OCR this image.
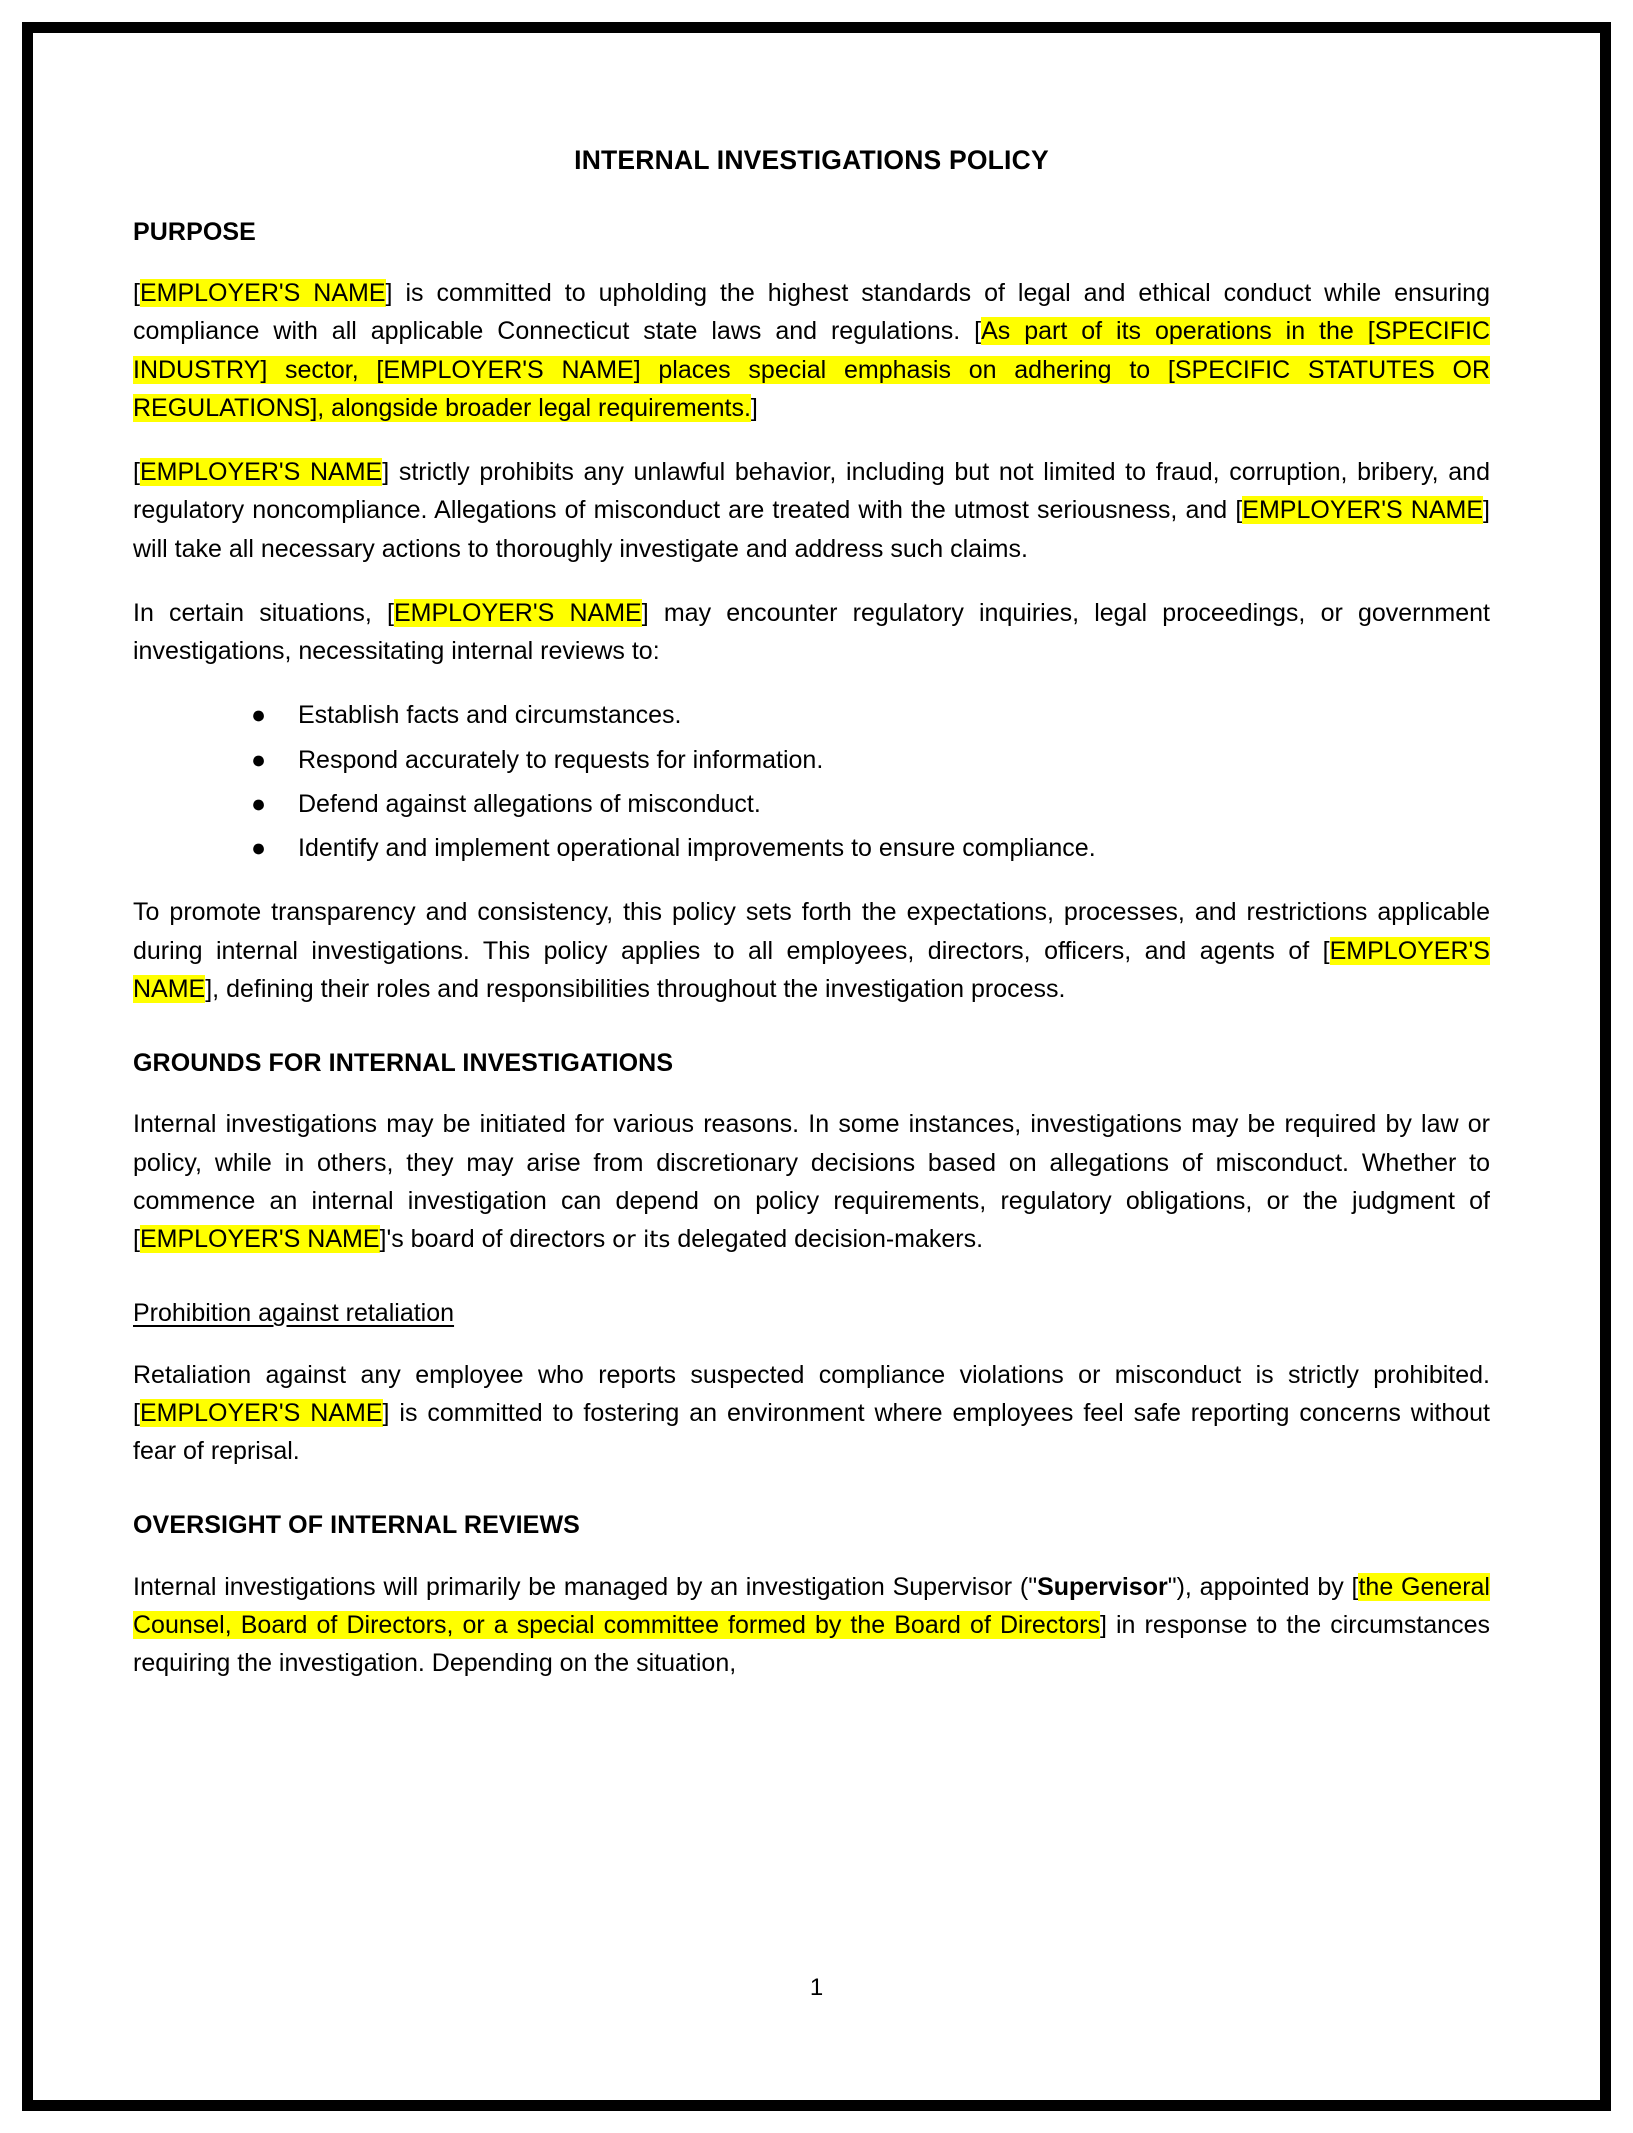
INTERNAL INVESTIGATIONS POLICY
PURPOSE

[EMPLOYER'S NAME] is committed to upholding the highest standards of legal and ethical conduct while ensuring compliance with all applicable Connecticut state laws and regulations. [As part of its operations in the [SPECIFIC INDUSTRY] sector, [EMPLOYER'S NAME] places special emphasis on adhering to [SPECIFIC STATUTES OR REGULATIONS], alongside broader legal requirements.]

[EMPLOYER'S NAME] strictly prohibits any unlawful behavior, including but not limited to fraud, corruption, bribery, and regulatory noncompliance. Allegations of misconduct are treated with the utmost seriousness, and [EMPLOYER'S NAME] will take all necessary actions to thoroughly investigate and address such claims.

In certain situations, [EMPLOYER'S NAME] may encounter regulatory inquiries, legal proceedings, or government investigations, necessitating internal reviews to:

● Establish facts and circumstances.
● Respond accurately to requests for information.
● Defend against allegations of misconduct.
● Identify and implement operational improvements to ensure compliance.

To promote transparency and consistency, this policy sets forth the expectations, processes, and restrictions applicable during internal investigations. This policy applies to all employees, directors, officers, and agents of [EMPLOYER'S NAME], defining their roles and responsibilities throughout the investigation process.

GROUNDS FOR INTERNAL INVESTIGATIONS

Internal investigations may be initiated for various reasons. In some instances, investigations may be required by law or policy, while in others, they may arise from discretionary decisions based on allegations of misconduct. Whether to commence an internal investigation can depend on policy requirements, regulatory obligations, or the judgment of [EMPLOYER'S NAME]'s board of directors or its delegated decision-makers.

Prohibition against retaliation

Retaliation against any employee who reports suspected compliance violations or misconduct is strictly prohibited. [EMPLOYER'S NAME] is committed to fostering an environment where employees feel safe reporting concerns without fear of reprisal.

OVERSIGHT OF INTERNAL REVIEWS

Internal investigations will primarily be managed by an investigation Supervisor ("Supervisor"), appointed by [the General Counsel, Board of Directors, or a special committee formed by the Board of Directors] in response to the circumstances requiring the investigation. Depending on the situation,

1
